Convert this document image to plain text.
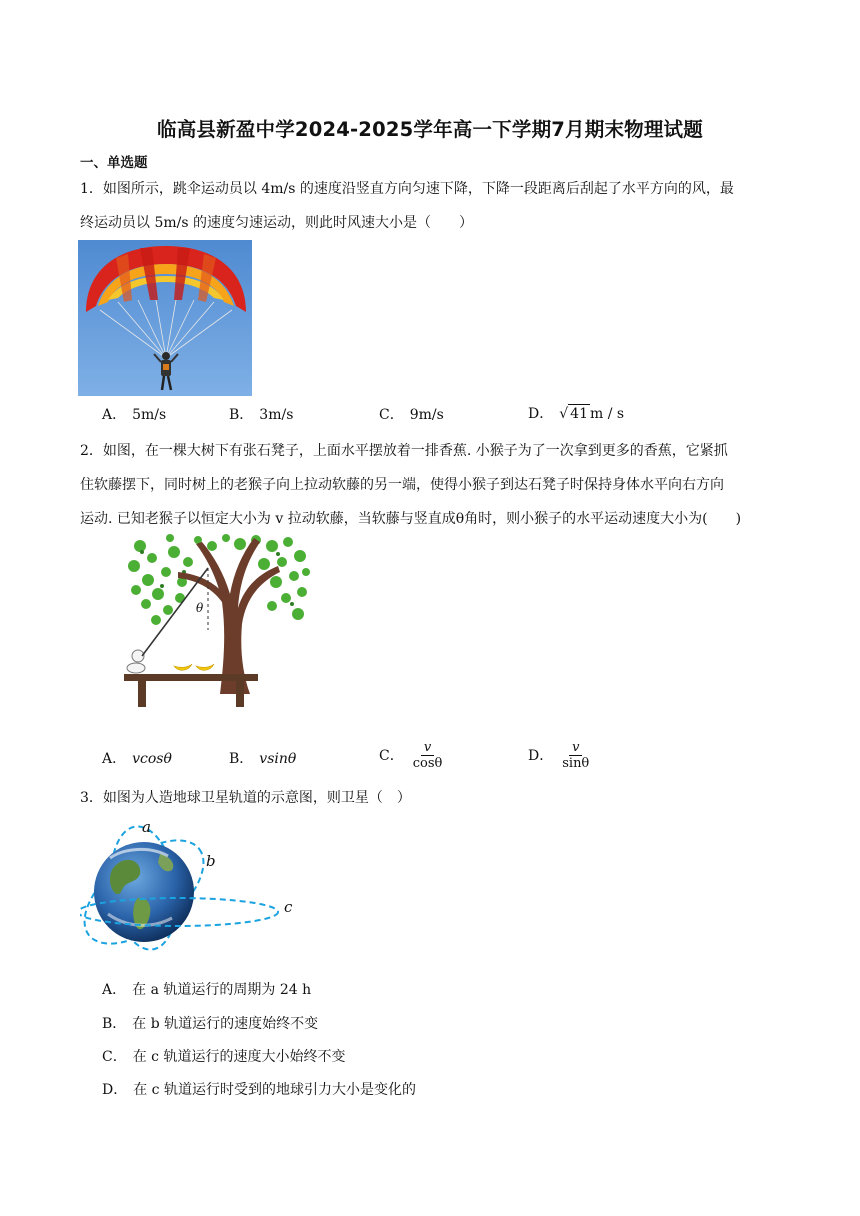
临高县新盈中学2024-2025学年高一下学期7月期末物理试题
一、单选题
1．如图所示，跳伞运动员以 4m/s 的速度沿竖直方向匀速下降，下降一段距离后刮起了水平方向的风，最
终运动员以 5m/s 的速度匀速运动，则此时风速大小是（　　）
A． 5m/s	B． 3m/s	C． 9m/s	D． √ 41 m / s
2．如图，在一棵大树下有张石凳子，上面水平摆放着一排香蕉. 小猴子为了一次拿到更多的香蕉，它紧抓
住软藤摆下，同时树上的老猴子向上拉动软藤的另一端，使得小猴子到达石凳子时保持身体水平向右方向
运动. 已知老猴子以恒定大小为 v 拉动软藤，当软藤与竖直成θ角时，则小猴子的水平运动速度大小为(　　)
θ
A． vcosθ	B． vsinθ	C． $\frac{v}{\cos\theta}$	D． $\frac{v}{\sin\theta}$
3．如图为人造地球卫星轨道的示意图，则卫星（　）
a
b
c
A． 在 a 轨道运行的周期为 24 h
B． 在 b 轨道运行的速度始终不变
C． 在 c 轨道运行的速度大小始终不变
D． 在 c 轨道运行时受到的地球引力大小是变化的
